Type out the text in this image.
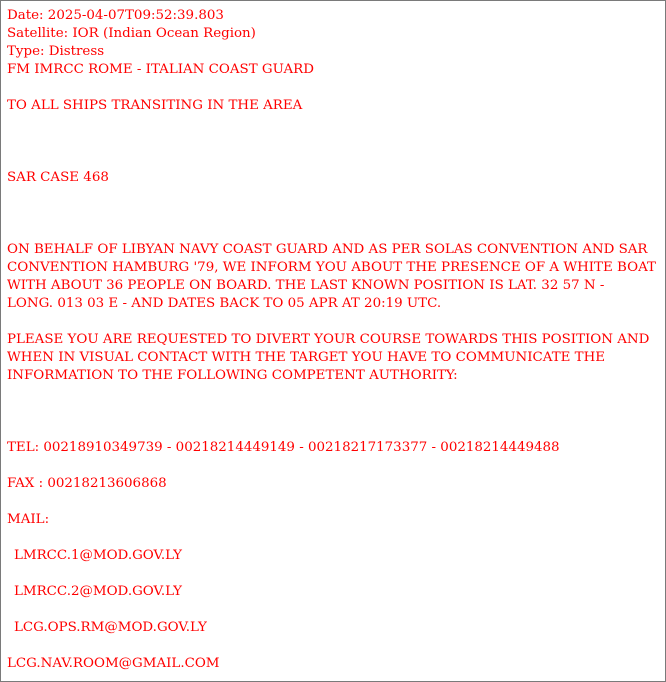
Date: 2025-04-07T09:52:39.803
Satellite: IOR (Indian Ocean Region)
Type: Distress
FM IMRCC ROME - ITALIAN COAST GUARD
TO ALL SHIPS TRANSITING IN THE AREA
SAR CASE 468
ON BEHALF OF LIBYAN NAVY COAST GUARD AND AS PER SOLAS CONVENTION AND SAR
CONVENTION HAMBURG '79, WE INFORM YOU ABOUT THE PRESENCE OF A WHITE BOAT
WITH ABOUT 36 PEOPLE ON BOARD. THE LAST KNOWN POSITION IS LAT. 32 57 N -
LONG. 013 03 E - AND DATES BACK TO 05 APR AT 20:19 UTC.
PLEASE YOU ARE REQUESTED TO DIVERT YOUR COURSE TOWARDS THIS POSITION AND
WHEN IN VISUAL CONTACT WITH THE TARGET YOU HAVE TO COMMUNICATE THE
INFORMATION TO THE FOLLOWING COMPETENT AUTHORITY:
TEL: 00218910349739 - 00218214449149 - 00218217173377 - 00218214449488
FAX : 00218213606868
MAIL:
LMRCC.1@MOD.GOV.LY
LMRCC.2@MOD.GOV.LY
LCG.OPS.RM@MOD.GOV.LY
LCG.NAV.ROOM@GMAIL.COM
